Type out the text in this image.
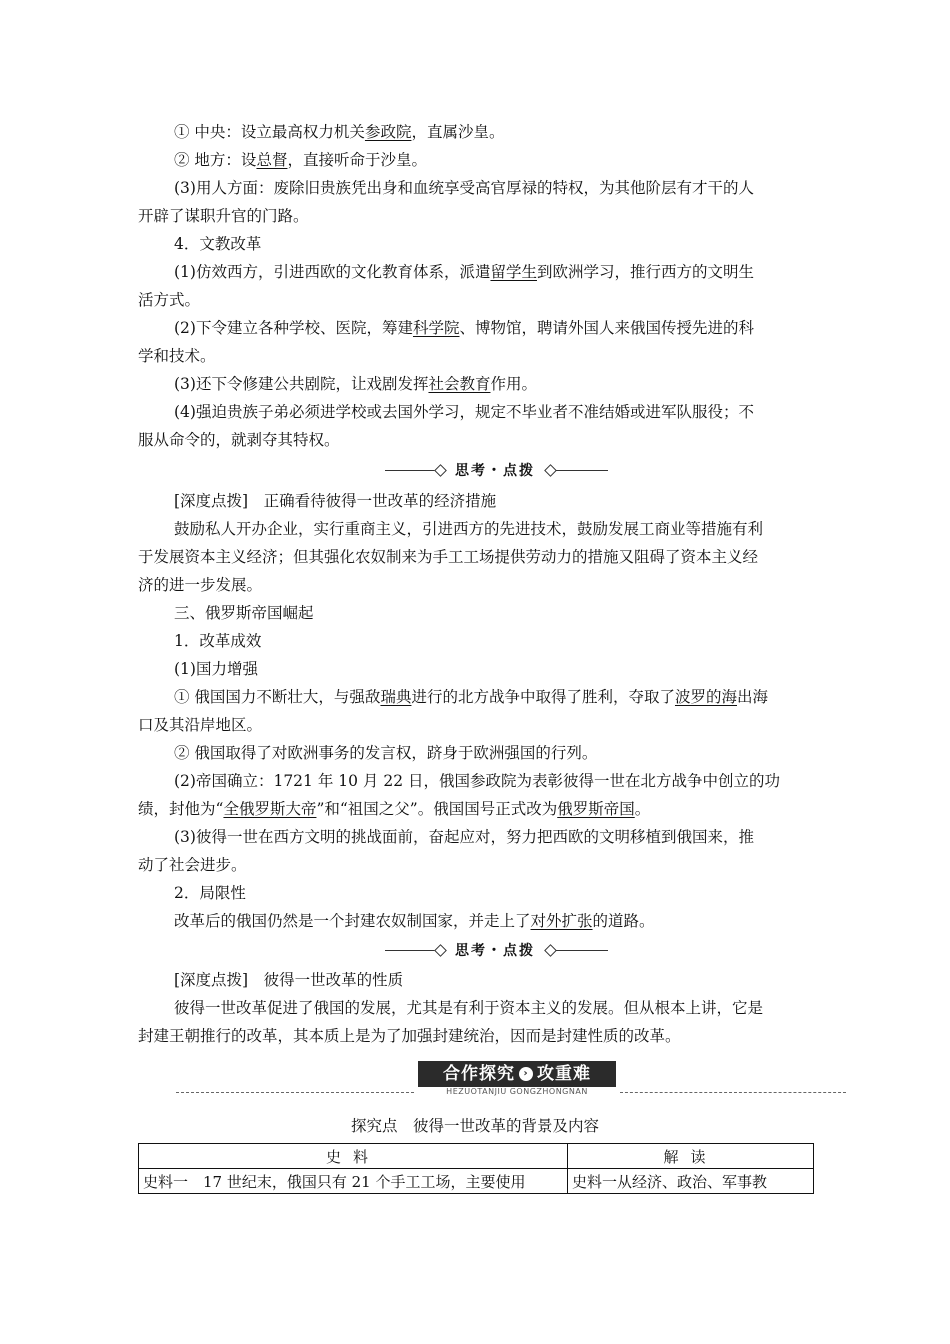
① 中央：设立最高权力机关参政院，直属沙皇。
② 地方：设总督，直接听命于沙皇。
(3)用人方面：废除旧贵族凭出身和血统享受高官厚禄的特权，为其他阶层有才干的人
开辟了谋职升官的门路。
4．文教改革
(1)仿效西方，引进西欧的文化教育体系，派遣留学生到欧洲学习，推行西方的文明生
活方式。
(2)下令建立各种学校、医院，筹建科学院、博物馆，聘请外国人来俄国传授先进的科
学和技术。
(3)还下令修建公共剧院，让戏剧发挥社会教育作用。
(4)强迫贵族子弟必须进学校或去国外学习，规定不毕业者不准结婚或进军队服役；不
服从命令的，就剥夺其特权。
思考・点拨
[深度点拨]　正确看待彼得一世改革的经济措施
鼓励私人开办企业，实行重商主义，引进西方的先进技术，鼓励发展工商业等措施有利
于发展资本主义经济；但其强化农奴制来为手工工场提供劳动力的措施又阻碍了资本主义经
济的进一步发展。
三、俄罗斯帝国崛起
1．改革成效
(1)国力增强
① 俄国国力不断壮大，与强敌瑞典进行的北方战争中取得了胜利，夺取了波罗的海出海
口及其沿岸地区。
② 俄国取得了对欧洲事务的发言权，跻身于欧洲强国的行列。
(2)帝国确立：1721 年 10 月 22 日，俄国参政院为表彰彼得一世在北方战争中创立的功
绩，封他为“全俄罗斯大帝”和“祖国之父”。俄国国号正式改为俄罗斯帝国。
(3)彼得一世在西方文明的挑战面前，奋起应对，努力把西欧的文明移植到俄国来，推
动了社会进步。
2．局限性
改革后的俄国仍然是一个封建农奴制国家，并走上了对外扩张的道路。
思考・点拨
[深度点拨]　彼得一世改革的性质
彼得一世改革促进了俄国的发展，尤其是有利于资本主义的发展。但从根本上讲，它是
封建王朝推行的改革，其本质上是为了加强封建统治，因而是封建性质的改革。
合作探究 › 攻重难
HEZUOTANJIU GONGZHONGNAN
探究点　彼得一世改革的背景及内容
史料	解读
史料一　17 世纪末，俄国只有 21 个手工工场，主要使用	史料一从经济、政治、军事教
